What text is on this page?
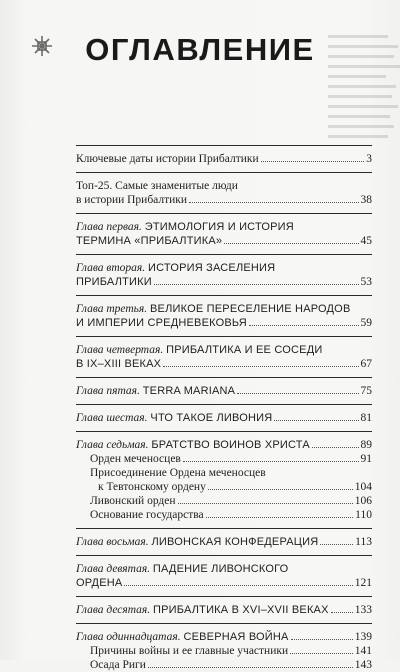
ОГЛАВЛЕНИЕ
Ключевые даты истории Прибалтики	3
Топ-25. Самые знаменитые люди
в истории Прибалтики	38
Глава первая. ЭТИМОЛОГИЯ И ИСТОРИЯ
ТЕРМИНА «ПРИБАЛТИКА»	45
Глава вторая. ИСТОРИЯ ЗАСЕЛЕНИЯ
ПРИБАЛТИКИ	53
Глава третья. ВЕЛИКОЕ ПЕРЕСЕЛЕНИЕ НАРОДОВ
И ИМПЕРИИ СРЕДНЕВЕКОВЬЯ	59
Глава четвертая. ПРИБАЛТИКА И ЕЕ СОСЕДИ
В IX–XIII ВЕКАХ	67
Глава пятая. TERRA MARIANA	75
Глава шестая. ЧТО ТАКОЕ ЛИВОНИЯ	81
Глава седьмая. БРАТСТВО ВОИНОВ ХРИСТА	89
Орден меченосцев	91
Присоединение Ордена меченосцев
к Тевтонскому ордену	104
Ливонский орден	106
Основание государства	110
Глава восьмая. ЛИВОНСКАЯ КОНФЕДЕРАЦИЯ	113
Глава девятая. ПАДЕНИЕ ЛИВОНСКОГО
ОРДЕНА	121
Глава десятая. ПРИБАЛТИКА В XVI–XVII ВЕКАХ 133
Глава одиннадцатая. СЕВЕРНАЯ ВОЙНА	139
Причины войны и ее главные участники	141
Осада Риги	143
